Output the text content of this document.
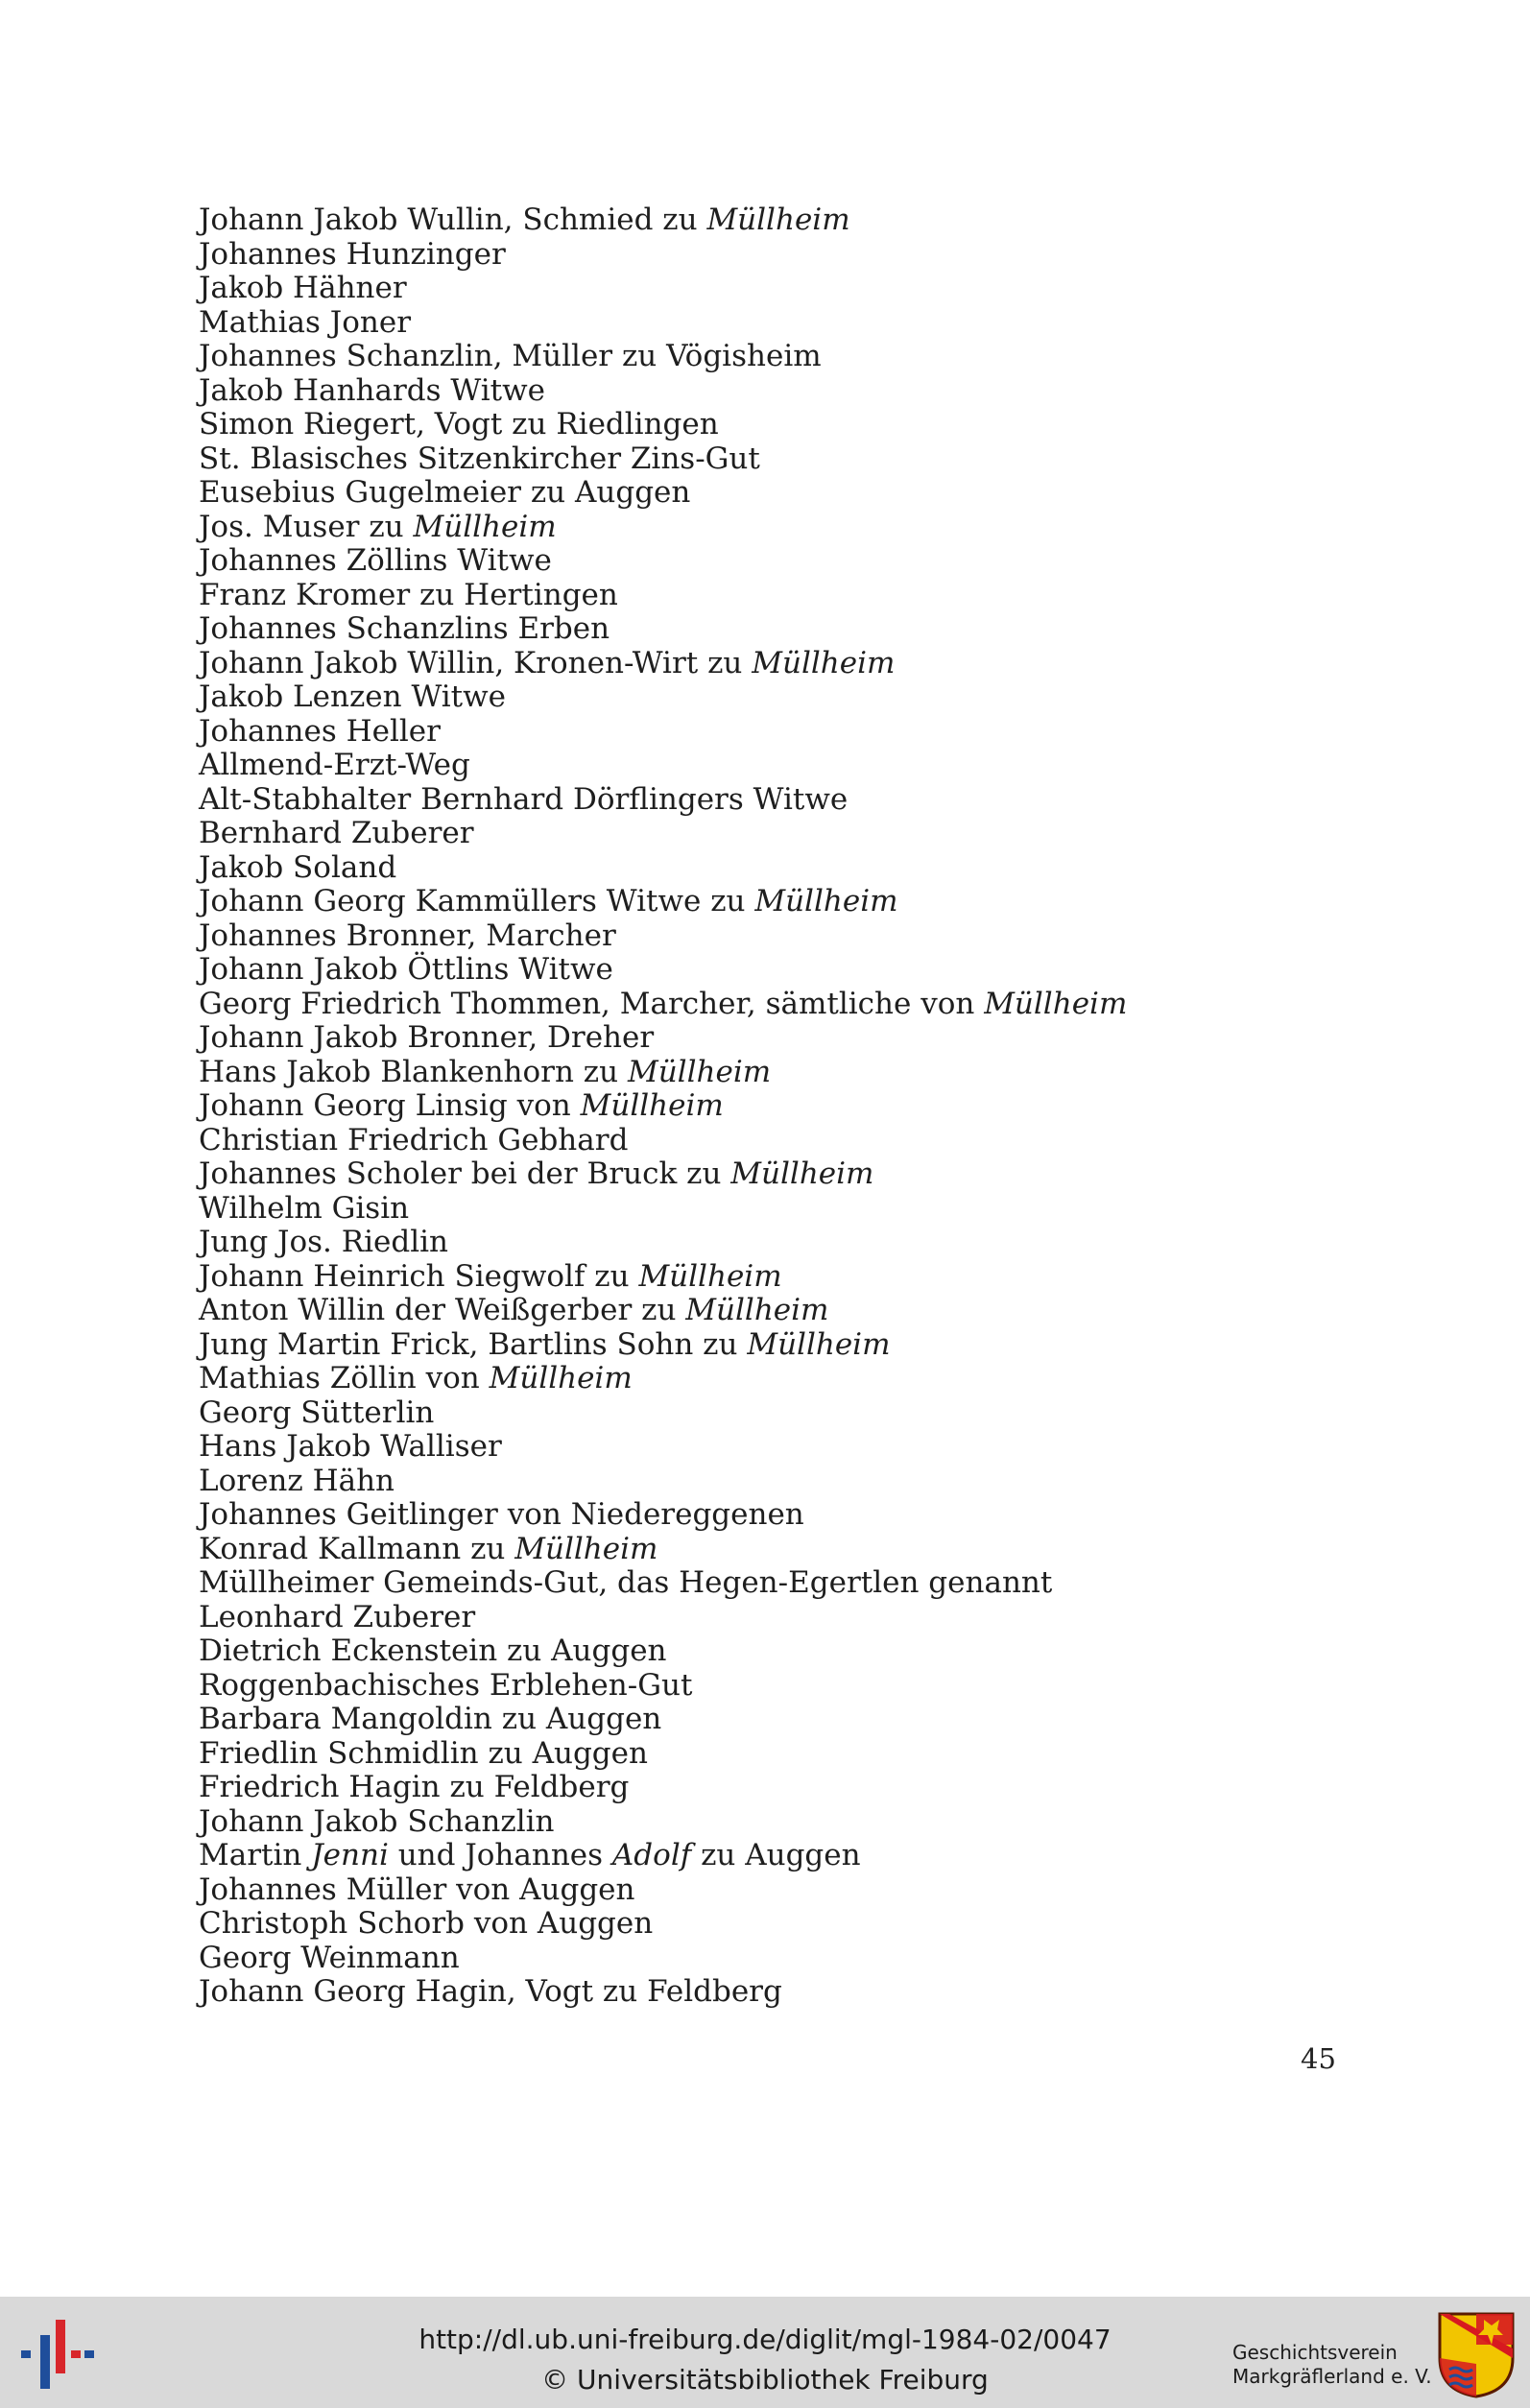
Johann Jakob Wullin, Schmied zu Müllheim
Johannes Hunzinger
Jakob Hähner
Mathias Joner
Johannes Schanzlin, Müller zu Vögisheim
Jakob Hanhards Witwe
Simon Riegert, Vogt zu Riedlingen
St. Blasisches Sitzenkircher Zins-Gut
Eusebius Gugelmeier zu Auggen
Jos. Muser zu Müllheim
Johannes Zöllins Witwe
Franz Kromer zu Hertingen
Johannes Schanzlins Erben
Johann Jakob Willin, Kronen-Wirt zu Müllheim
Jakob Lenzen Witwe
Johannes Heller
Allmend-Erzt-Weg
Alt-Stabhalter Bernhard Dörflingers Witwe
Bernhard Zuberer
Jakob Soland
Johann Georg Kammüllers Witwe zu Müllheim
Johannes Bronner, Marcher
Johann Jakob Öttlins Witwe
Georg Friedrich Thommen, Marcher, sämtliche von Müllheim
Johann Jakob Bronner, Dreher
Hans Jakob Blankenhorn zu Müllheim
Johann Georg Linsig von Müllheim
Christian Friedrich Gebhard
Johannes Scholer bei der Bruck zu Müllheim
Wilhelm Gisin
Jung Jos. Riedlin
Johann Heinrich Siegwolf zu Müllheim
Anton Willin der Weißgerber zu Müllheim
Jung Martin Frick, Bartlins Sohn zu Müllheim
Mathias Zöllin von Müllheim
Georg Sütterlin
Hans Jakob Walliser
Lorenz Hähn
Johannes Geitlinger von Niedereggenen
Konrad Kallmann zu Müllheim
Müllheimer Gemeinds-Gut, das Hegen-Egertlen genannt
Leonhard Zuberer
Dietrich Eckenstein zu Auggen
Roggenbachisches Erblehen-Gut
Barbara Mangoldin zu Auggen
Friedlin Schmidlin zu Auggen
Friedrich Hagin zu Feldberg
Johann Jakob Schanzlin
Martin Jenni und Johannes Adolf zu Auggen
Johannes Müller von Auggen
Christoph Schorb von Auggen
Georg Weinmann
Johann Georg Hagin, Vogt zu Feldberg
45
http://dl.ub.uni-freiburg.de/diglit/mgl-1984-02/0047
© Universitätsbibliothek Freiburg
Geschichtsverein
Markgräflerland e. V.
